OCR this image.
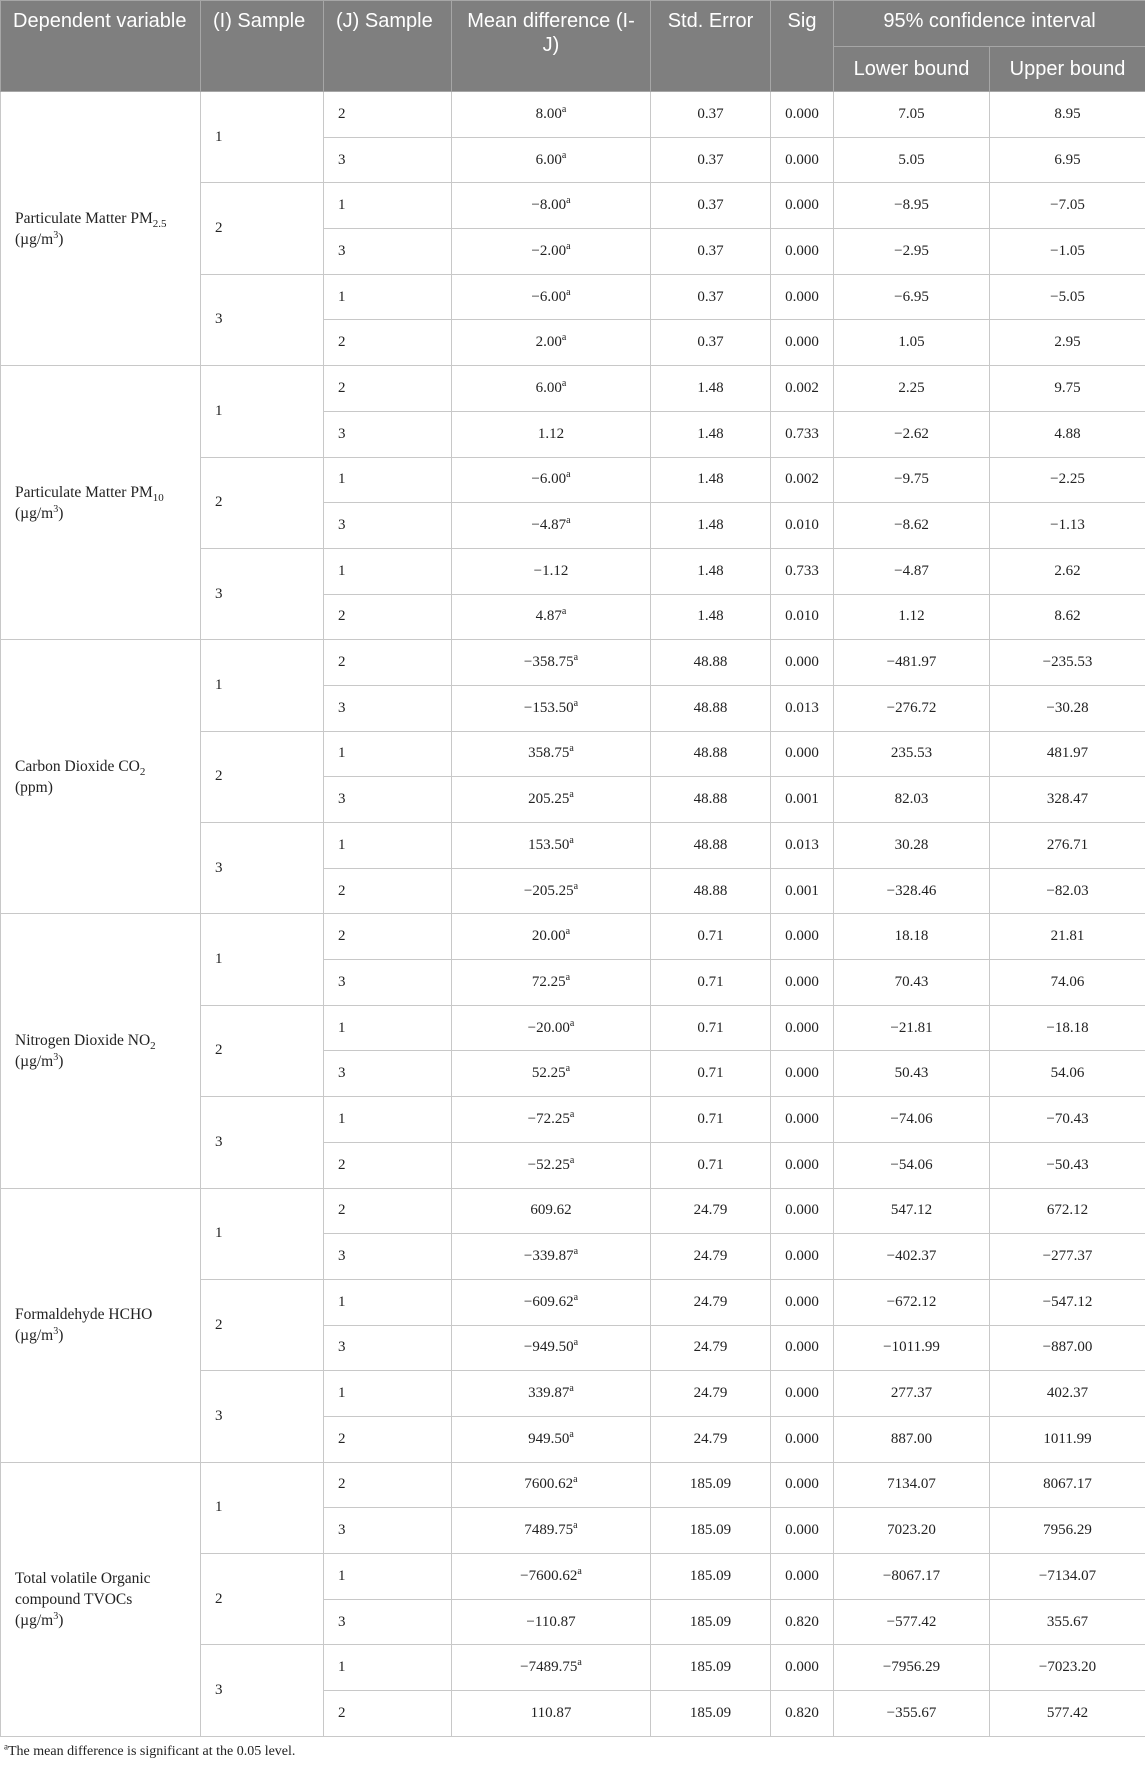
Dependent variable	(I) Sample	(J) Sample	Mean difference (I-J)	Std. Error	Sig	95% confidence interval	
						Lower bound	Upper bound
Particulate Matter $PM_{2.5}$
$(\mu g/m^3)$	1	2	8.00$^a$	0.37	0.000	7.05	8.95
		3	6.00$^a$	0.37	0.000	5.05	6.95
	2	1	−8.00$^a$	0.37	0.000	−8.95	−7.05
		3	−2.00$^a$	0.37	0.000	−2.95	−1.05
	3	1	−6.00$^a$	0.37	0.000	−6.95	−5.05
		2	2.00$^a$	0.37	0.000	1.05	2.95
Particulate Matter $PM_{10}$
$(\mu g/m^3)$	1	2	6.00$^a$	1.48	0.002	2.25	9.75
		3	1.12	1.48	0.733	−2.62	4.88
	2	1	−6.00$^a$	1.48	0.002	−9.75	−2.25
		3	−4.87$^a$	1.48	0.010	−8.62	−1.13
	3	1	−1.12	1.48	0.733	−4.87	2.62
		2	4.87$^a$	1.48	0.010	1.12	8.62
Carbon Dioxide $CO_2$
(ppm)	1	2	−358.75$^a$	48.88	0.000	−481.97	−235.53
		3	−153.50$^a$	48.88	0.013	−276.72	−30.28
	2	1	358.75$^a$	48.88	0.000	235.53	481.97
		3	205.25$^a$	48.88	0.001	82.03	328.47
	3	1	153.50$^a$	48.88	0.013	30.28	276.71
		2	−205.25$^a$	48.88	0.001	−328.46	−82.03
Nitrogen Dioxide $NO_2$
$(\mu g/m^3)$	1	2	20.00$^a$	0.71	0.000	18.18	21.81
		3	72.25$^a$	0.71	0.000	70.43	74.06
	2	1	−20.00$^a$	0.71	0.000	−21.81	−18.18
		3	52.25$^a$	0.71	0.000	50.43	54.06
	3	1	−72.25$^a$	0.71	0.000	−74.06	−70.43
		2	−52.25$^a$	0.71	0.000	−54.06	−50.43
Formaldehyde HCHO
$(\mu g/m^3)$	1	2	609.62	24.79	0.000	547.12	672.12
		3	−339.87$^a$	24.79	0.000	−402.37	−277.37
	2	1	−609.62$^a$	24.79	0.000	−672.12	−547.12
		3	−949.50$^a$	24.79	0.000	−1011.99	−887.00
	3	1	339.87$^a$	24.79	0.000	277.37	402.37
		2	949.50$^a$	24.79	0.000	887.00	1011.99
Total volatile Organic compound TVOCs
$(\mu g/m^3)$	1	2	7600.62$^a$	185.09	0.000	7134.07	8067.17
		3	7489.75$^a$	185.09	0.000	7023.20	7956.29
	2	1	−7600.62$^a$	185.09	0.000	−8067.17	−7134.07
		3	−110.87	185.09	0.820	−577.42	355.67
	3	1	−7489.75$^a$	185.09	0.000	−7956.29	−7023.20
		2	110.87	185.09	0.820	−355.67	577.42
$^a$The mean difference is significant at the 0.05 level.
